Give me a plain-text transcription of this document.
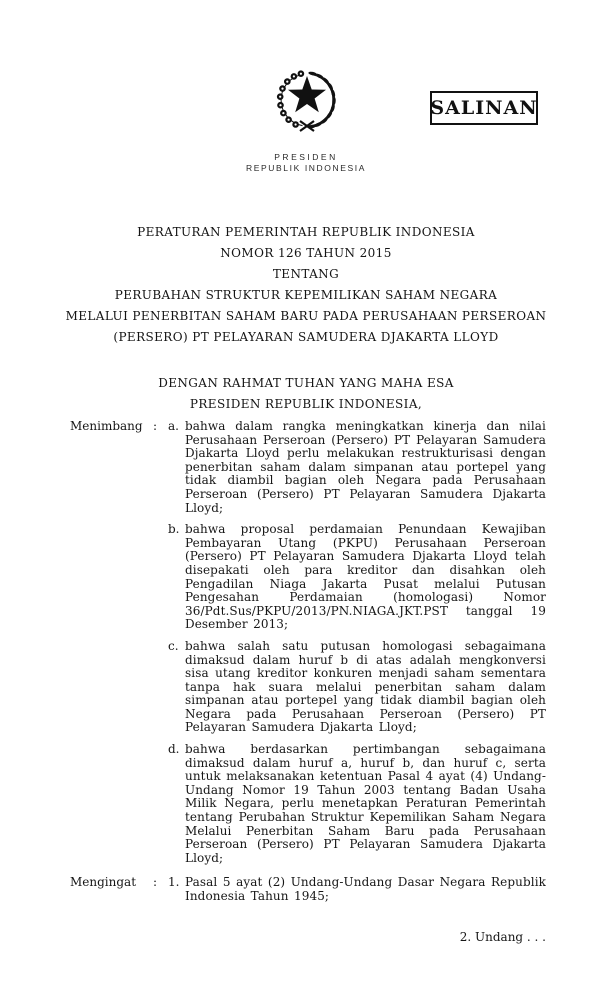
SALINAN
PRESIDEN
REPUBLIK INDONESIA
PERATURAN PEMERINTAH REPUBLIK INDONESIA
NOMOR 126 TAHUN 2015
TENTANG
PERUBAHAN STRUKTUR KEPEMILIKAN SAHAM NEGARA
MELALUI PENERBITAN SAHAM BARU PADA PERUSAHAAN PERSEROAN
(PERSERO) PT PELAYARAN SAMUDERA DJAKARTA LLOYD
DENGAN RAHMAT TUHAN YANG MAHA ESA
PRESIDEN REPUBLIK INDONESIA,
Menimbang : a. bahwa dalam rangka meningkatkan kinerja dan nilai Perusahaan Perseroan (Persero) PT Pelayaran Samudera Djakarta Lloyd perlu melakukan restrukturisasi dengan penerbitan saham dalam simpanan atau portepel yang tidak diambil bagian oleh Negara pada Perusahaan Perseroan (Persero) PT Pelayaran Samudera Djakarta Lloyd;
b. bahwa proposal perdamaian Penundaan Kewajiban Pembayaran Utang (PKPU) Perusahaan Perseroan (Persero) PT Pelayaran Samudera Djakarta Lloyd telah disepakati oleh para kreditor dan disahkan oleh Pengadilan Niaga Jakarta Pusat melalui Putusan Pengesahan Perdamaian (homologasi) Nomor 36/Pdt.Sus/PKPU/2013/PN.NIAGA.JKT.PST tanggal 19 Desember 2013;
c. bahwa salah satu putusan homologasi sebagaimana dimaksud dalam huruf b di atas adalah mengkonversi sisa utang kreditor konkuren menjadi saham sementara tanpa hak suara melalui penerbitan saham dalam simpanan atau portepel yang tidak diambil bagian oleh Negara pada Perusahaan Perseroan (Persero) PT Pelayaran Samudera Djakarta Lloyd;
d. bahwa berdasarkan pertimbangan sebagaimana dimaksud dalam huruf a, huruf b, dan huruf c, serta untuk melaksanakan ketentuan Pasal 4 ayat (4) Undang-Undang Nomor 19 Tahun 2003 tentang Badan Usaha Milik Negara, perlu menetapkan Peraturan Pemerintah tentang Perubahan Struktur Kepemilikan Saham Negara Melalui Penerbitan Saham Baru pada Perusahaan Perseroan (Persero) PT Pelayaran Samudera Djakarta Lloyd;
Mengingat	: 1. Pasal 5 ayat (2) Undang-Undang Dasar Negara Republik Indonesia Tahun 1945;
2. Undang . . .
